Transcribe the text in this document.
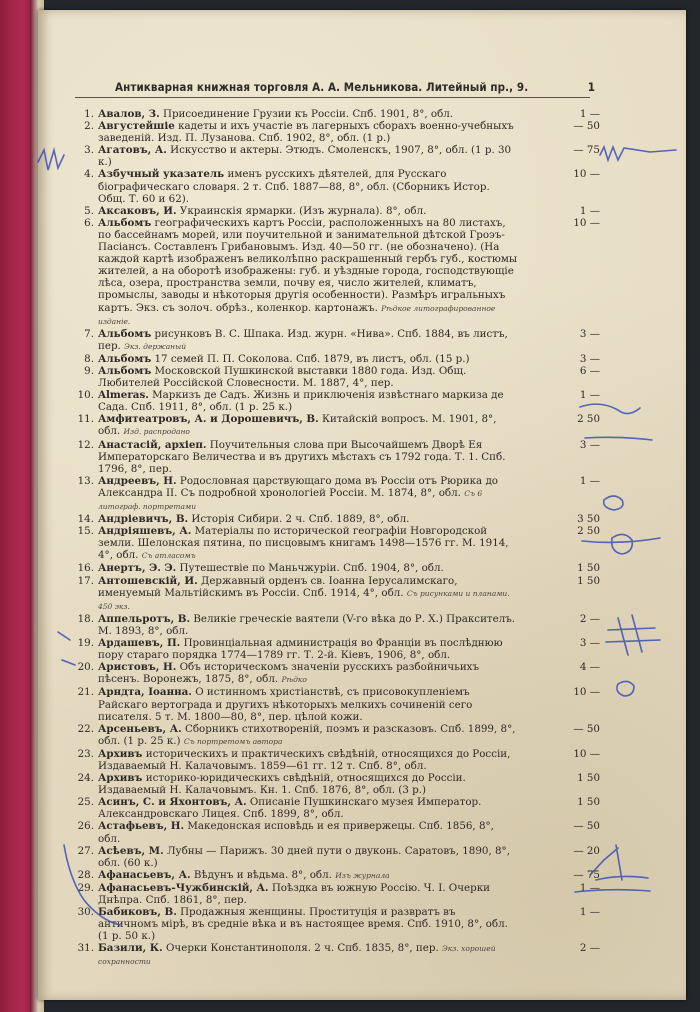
Антикварная книжная торговля А. А. Мельникова. Литейный пр., 9.	1
1. Авалов, З. Присоединение Грузии къ Россіи. Спб. 1901, 8°, обл.	1 —
2. Августейшіе кадеты и ихъ участіе въ лагерныхъ сборахъ военно-учебныхъ заведеній. Изд. П. Лузанова. Спб. 1902, 8°, обл. (1 р.)
— 50
3. Агатовъ, А. Искусство и актеры. Этюдъ. Смоленскъ, 1907, 8°, обл. (1 р. 30 к.)
— 75
4. Азбучный указатель именъ русскихъ дѣятелей, для Русскаго біографическаго словаря. 2 т. Спб. 1887—88, 8°, обл. (Сборникъ Истор. Общ. Т. 60 и 62).
10 —
5. Аксаковъ, И. Украинскія ярмарки. (Изъ журнала). 8°, обл.	1 —
6. Альбомъ географическихъ картъ Россіи, расположенныхъ на 80 листахъ, по бассейнамъ морей, или поучительной и занимательной дѣтской Гроэъ-Пасіансъ. Составленъ Грибановымъ. Изд. 40—50 гг. (не обозначено). (На каждой картѣ изображенъ великолѣпно раскрашенный гербъ губ., костюмы жителей, а на оборотѣ изображены: губ. и уѣздные города, господствующіе лѣса, озера, пространства земли, почву ея, число жителей, климатъ, промыслы, заводы и нѣкоторыя другія особенности). Размѣръ игральныхъ картъ. Экз. съ золоч. обрѣз., коленкор. картонажъ. Рѣдкое литографированное изданіе.
10 —
7. Альбомъ рисунковъ В. С. Шпака. Изд. журн. «Нива». Спб. 1884, въ листъ, пер. Экз. держаный
3 —
8. Альбомъ 17 семей П. П. Соколова. Спб. 1879, въ листъ, обл. (15 р.)	3 —
9. Альбомъ Московской Пушкинской выставки 1880 года. Изд. Общ. Любителей Россійской Словесности. М. 1887, 4°, пер.
6 —
10. Almeras. Маркизъ де Садъ. Жизнь и приключенія извѣстнаго маркиза де Сада. Спб. 1911, 8°, обл. (1 р. 25 к.)
1 —
11. Амфитеатровъ, А. и Дорошевичъ, В. Китайскій вопросъ. М. 1901, 8°, обл. Изд. распродано
2 50
12. Анастасій, архіеп. Поучительныя слова при Высочайшемъ Дворѣ Ея Императорскаго Величества и въ другихъ мѣстахъ съ 1792 года. Т. 1. Спб. 1796, 8°, пер.
3 —
13. Андреевъ, Н. Родословная царствующаго дома въ Россіи отъ Рюрика до Александра II. Съ подробной хронологіей Россіи. М. 1874, 8°, обл. Съ 6 литограф. портретами
1 —
14. Андріевичъ, В. Исторія Сибири. 2 ч. Спб. 1889, 8°, обл.	3 50
15. Андріяшевъ, А. Матеріалы по исторической географіи Новгородской земли. Шелонская пятина, по писцовымъ книгамъ 1498—1576 гг. М. 1914, 4°, обл. Съ атласомъ
2 50
16. Анертъ, Э. Э. Путешествіе по Маньчжуріи. Спб. 1904, 8°, обл.	1 50
17. Антошевскій, И. Державный орденъ св. Іоанна Іерусалимскаго, именуемый Мальтійскимъ въ Россіи. Спб. 1914, 4°, обл. Съ рисунками и планами. 450 экз.
1 50
18. Аппельротъ, В. Великіе греческіе ваятели (V-го вѣка до Р. Х.) Праксителъ. М. 1893, 8°, обл.
2 —
19. Ардашевъ, П. Провинціальная администрація во Франціи въ послѣднюю пору стараго порядка 1774—1789 гг. Т. 2-й. Кіевъ, 1906, 8°, обл.
3 —
20. Аристовъ, Н. Объ историческомъ значеніи русскихъ разбойничьихъ пѣсенъ. Воронежъ, 1875, 8°, обл. Рѣдко
4 —
21. Арндта, Іоанна. О истинномъ христіанствѣ, съ присовокупленіемъ Райскаго вертограда и другихъ нѣкоторыхъ мелкихъ сочиненій сего писателя. 5 т. М. 1800—80, 8°, пер. цѣлой кожи.
10 —
22. Арсеньевъ, А. Сборникъ стихотвореній, поэмъ и разсказовъ. Спб. 1899, 8°, обл. (1 р. 25 к.) Съ портретомъ автора
— 50
23. Архивъ историческихъ и практическихъ свѣдѣній, относящихся до Россіи, Издаваемый Н. Калачовымъ. 1859—61 гг. 12 т. Спб. 8°, обл.
10 —
24. Архивъ историко-юридическихъ свѣдѣній, относящихся до Россіи. Издаваемый Н. Калачовымъ. Кн. 1. Спб. 1876, 8°, обл. (3 р.)
1 50
25. Асинъ, С. и Яхонтовъ, А. Описаніе Пушкинскаго музея Император. Александровскаго Лицея. Спб. 1899, 8°, обл.
1 50
26. Астафьевъ, Н. Македонская исповѣдь и ея привержецы. Спб. 1856, 8°, обл.
— 50
27. Асѣевъ, М. Лубны — Парижъ. 30 дней пути о двуконь. Саратовъ, 1890, 8°, обл. (60 к.)
— 20
28. Афанасьевъ, А. Вѣдунъ и вѣдьма. 8°, обл. Изъ журнала	— 75
29. Афанасьевъ-Чужбинскій, А. Поѣздка въ южную Россію. Ч. I. Очерки Днѣпра. Спб. 1861, 8°, пер.
1 —
30. Бабиковъ, В. Продажныя женщины. Проституція и развратъ въ античномъ мірѣ, въ средніе вѣка и въ настоящее время. Спб. 1910, 8°, обл. (1 р. 50 к.)
1 —
31. Базили, К. Очерки Константинополя. 2 ч. Спб. 1835, 8°, пер. Экз. хорошей сохранности
2 —
